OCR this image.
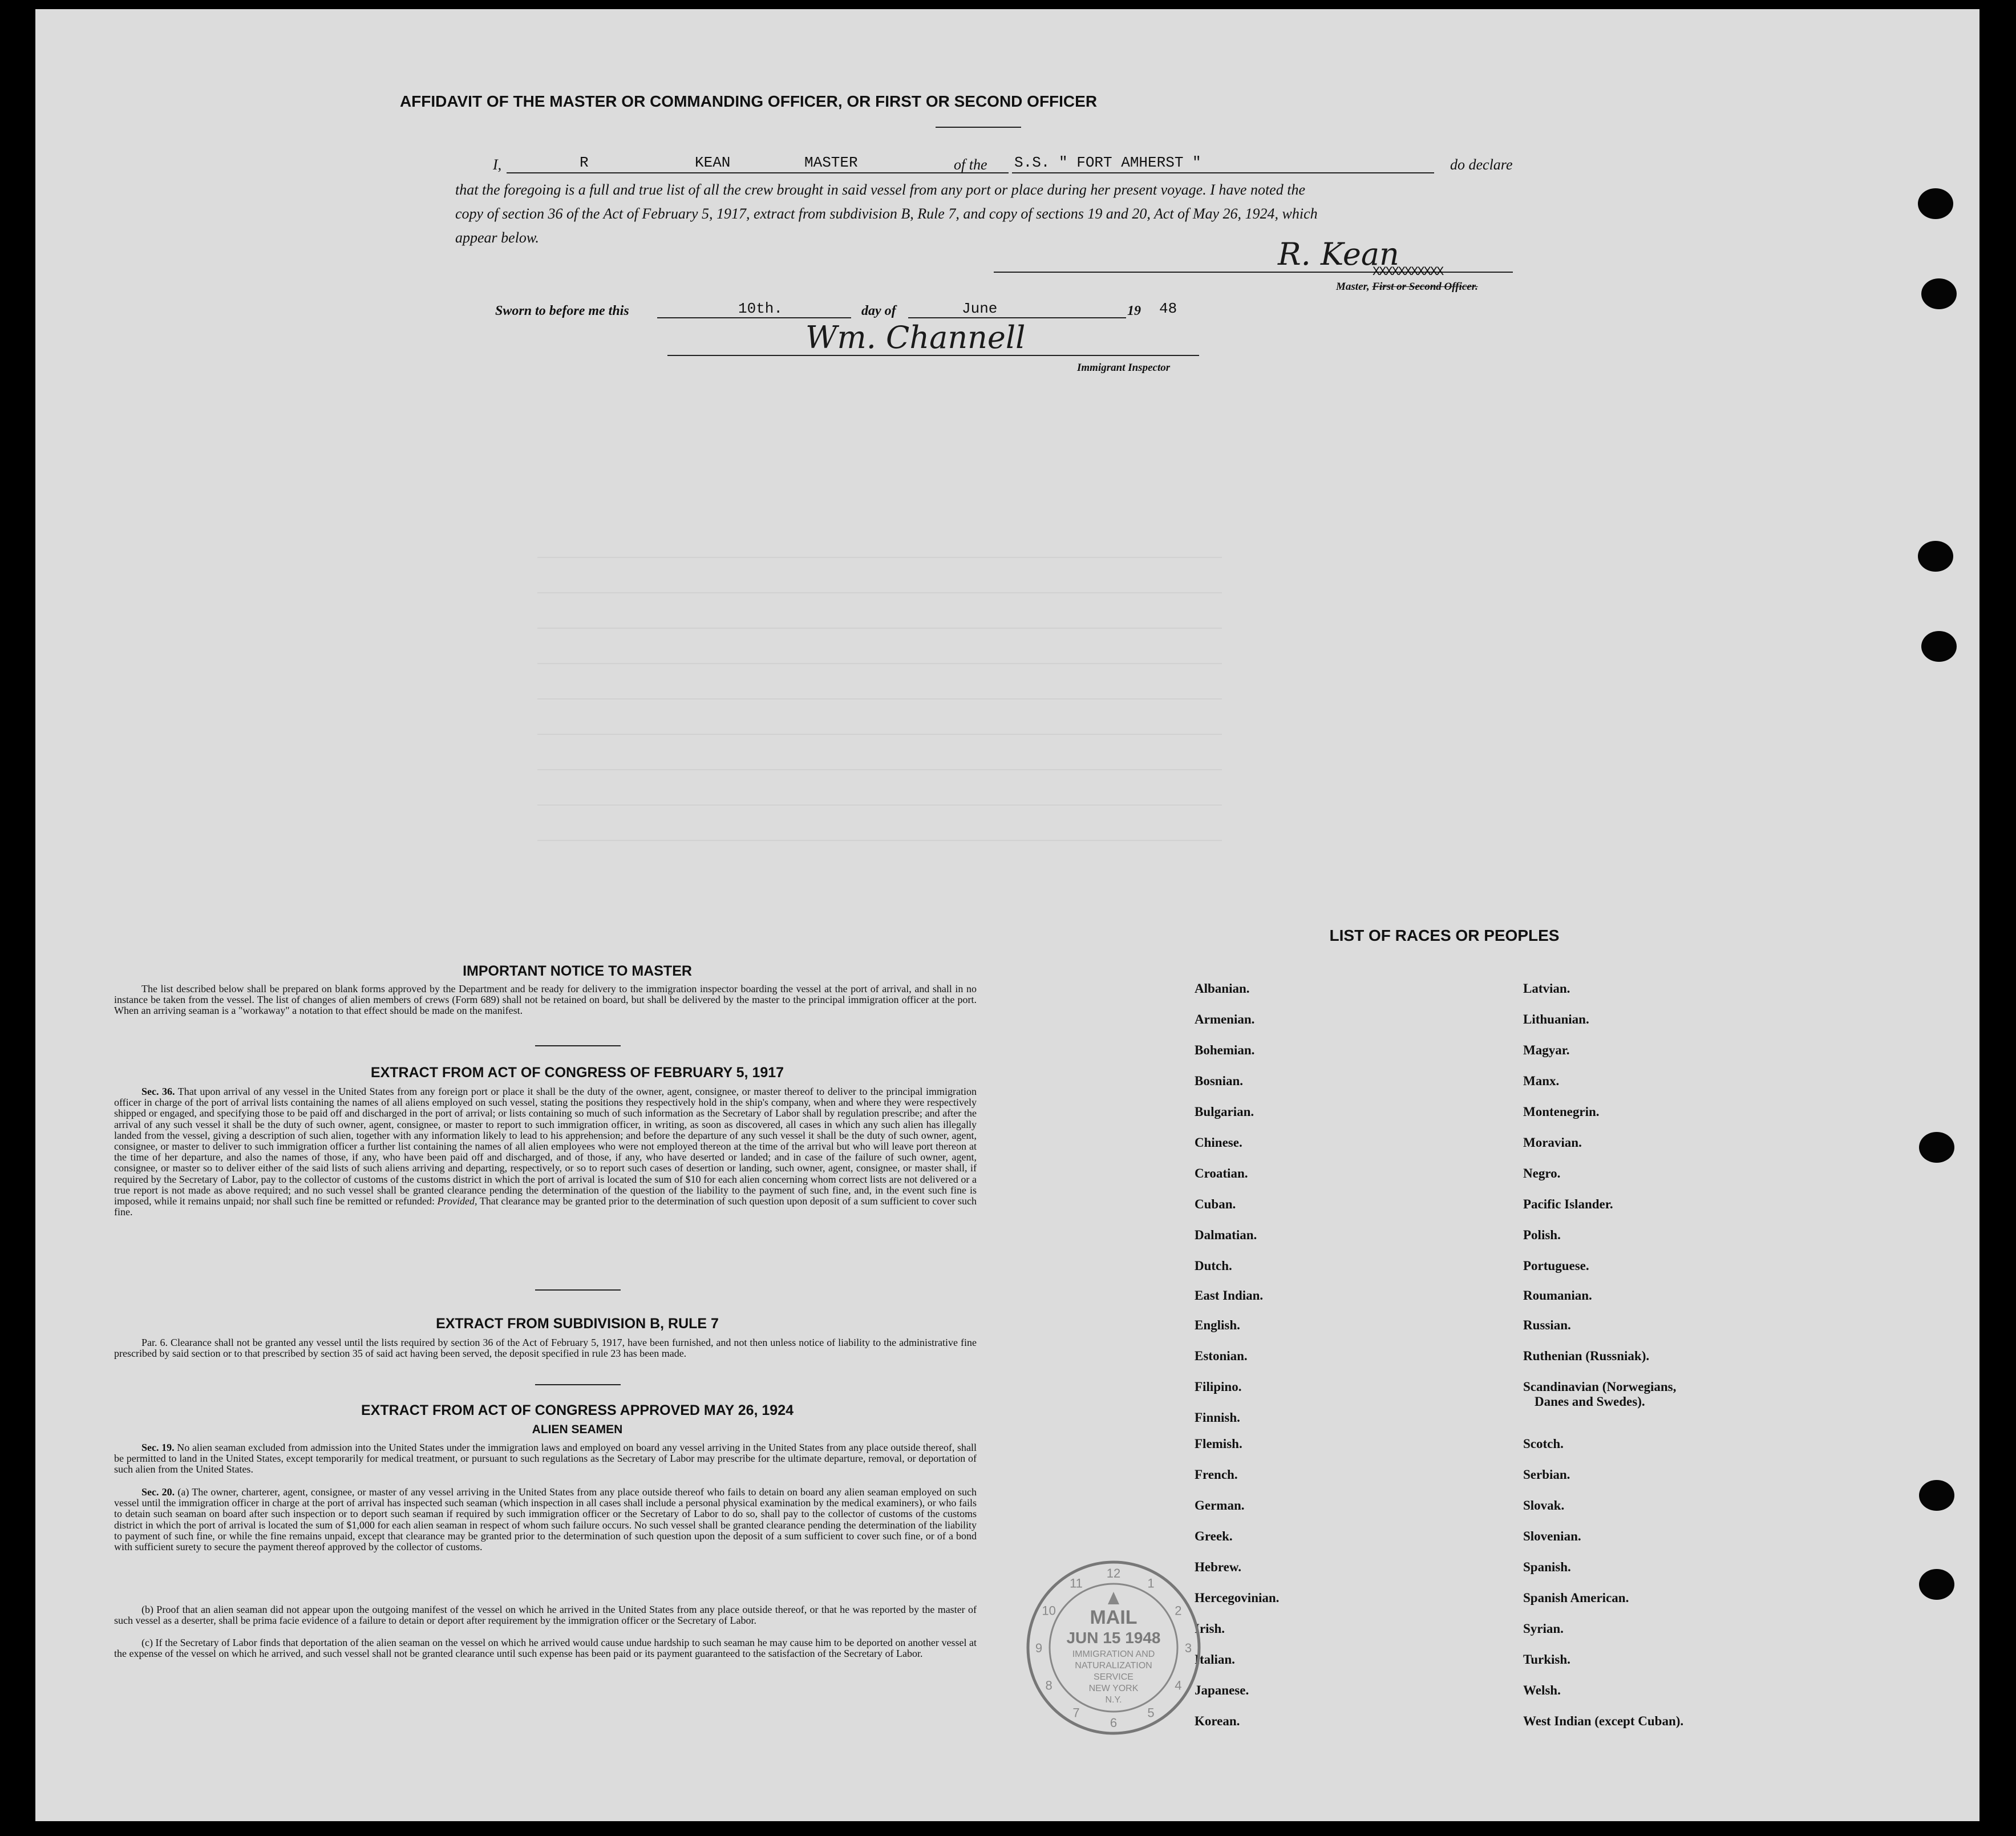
AFFIDAVIT OF THE MASTER OR COMMANDING OFFICER, OR FIRST OR SECOND OFFICER
I,	R	KEAN	MASTER	of the S.S. " FORT AMHERST "	do declare
that the foregoing is a full and true list of all the crew brought in said vessel from any port or place during her present voyage. I have noted the
copy of section 36 of the Act of February 5, 1917, extract from subdivision B, Rule 7, and copy of sections 19 and 20, Act of May 26, 1924, which
appear below.	R. Kean
XXXXXXXXXXX
Master, First or Second Officer.
Sworn to before me this	10th.	day of	June	19 48
Wm. Channell
Immigrant Inspector
IMPORTANT NOTICE TO MASTER

The list described below shall be prepared on blank forms approved by the Department and be ready for delivery to the immigration inspector boarding the vessel at the port of arrival, and shall in no instance be taken from the vessel. The list of changes of alien members of crews (Form 689) shall not be retained on board, but shall be delivered by the master to the principal immigration officer at the port. When an arriving seaman is a "workaway" a notation to that effect should be made on the manifest.

EXTRACT FROM ACT OF CONGRESS OF FEBRUARY 5, 1917

Sec. 36. That upon arrival of any vessel in the United States from any foreign port or place it shall be the duty of the owner, agent, consignee, or master thereof to deliver to the principal immigration officer in charge of the port of arrival lists containing the names of all aliens employed on such vessel, stating the positions they respectively hold in the ship's company, when and where they were respectively shipped or engaged, and specifying those to be paid off and discharged in the port of arrival; or lists containing so much of such information as the Secretary of Labor shall by regulation prescribe; and after the arrival of any such vessel it shall be the duty of such owner, agent, consignee, or master to report to such immigration officer, in writing, as soon as discovered, all cases in which any such alien has illegally landed from the vessel, giving a description of such alien, together with any information likely to lead to his apprehension; and before the departure of any such vessel it shall be the duty of such owner, agent, consignee, or master to deliver to such immigration officer a further list containing the names of all alien employees who were not employed thereon at the time of the arrival but who will leave port thereon at the time of her departure, and also the names of those, if any, who have been paid off and discharged, and of those, if any, who have deserted or landed; and in case of the failure of such owner, agent, consignee, or master so to deliver either of the said lists of such aliens arriving and departing, respectively, or so to report such cases of desertion or landing, such owner, agent, consignee, or master shall, if required by the Secretary of Labor, pay to the collector of customs of the customs district in which the port of arrival is located the sum of $10 for each alien concerning whom correct lists are not delivered or a true report is not made as above required; and no such vessel shall be granted clearance pending the determination of the question of the liability to the payment of such fine, and, in the event such fine is imposed, while it remains unpaid; nor shall such fine be remitted or refunded: Provided, That clearance may be granted prior to the determination of such question upon deposit of a sum sufficient to cover such fine.

EXTRACT FROM SUBDIVISION B, RULE 7

Par. 6. Clearance shall not be granted any vessel until the lists required by section 36 of the Act of February 5, 1917, have been furnished, and not then unless notice of liability to the administrative fine prescribed by said section or to that prescribed by section 35 of said act having been served, the deposit specified in rule 23 has been made.

EXTRACT FROM ACT OF CONGRESS APPROVED MAY 26, 1924
ALIEN SEAMEN

Sec. 19. No alien seaman excluded from admission into the United States under the immigration laws and employed on board any vessel arriving in the United States from any place outside thereof, shall be permitted to land in the United States, except temporarily for medical treatment, or pursuant to such regulations as the Secretary of Labor may prescribe for the ultimate departure, removal, or deportation of such alien from the United States.

Sec. 20. (a) The owner, charterer, agent, consignee, or master of any vessel arriving in the United States from any place outside thereof who fails to detain on board any alien seaman employed on such vessel until the immigration officer in charge at the port of arrival has inspected such seaman (which inspection in all cases shall include a personal physical examination by the medical examiners), or who fails to detain such seaman on board after such inspection or to deport such seaman if required by such immigration officer or the Secretary of Labor to do so, shall pay to the collector of customs of the customs district in which the port of arrival is located the sum of $1,000 for each alien seaman in respect of whom such failure occurs. No such vessel shall be granted clearance pending the determination of the liability to payment of such fine, or while the fine remains unpaid, except that clearance may be granted prior to the determination of such question upon the deposit of a sum sufficient to cover such fine, or of a bond with sufficient surety to secure the payment thereof approved by the collector of customs.

(b) Proof that an alien seaman did not appear upon the outgoing manifest of the vessel on which he arrived in the United States from any place outside thereof, or that he was reported by the master of such vessel as a deserter, shall be prima facie evidence of a failure to detain or deport after requirement by the immigration officer or the Secretary of Labor.

(c) If the Secretary of Labor finds that deportation of the alien seaman on the vessel on which he arrived would cause undue hardship to such seaman he may cause him to be deported on another vessel at the expense of the vessel on which he arrived, and such vessel shall not be granted clearance until such expense has been paid or its payment guaranteed to the satisfaction of the Secretary of Labor.

LIST OF RACES OR PEOPLES
Albanian.
Armenian.
Bohemian.
Bosnian.
Bulgarian.
Chinese.
Croatian.
Cuban.
Dalmatian.
Dutch.
East Indian.
English.
Estonian.
Filipino.
Finnish.
Flemish.
French.
German.
Greek.
Hebrew.
Hercegovinian.
Irish.
Italian.
Japanese.
Korean.
Latvian.
Lithuanian.
Magyar.
Manx.
Montenegrin.
Moravian.
Negro.
Pacific Islander.
Polish.
Portuguese.
Roumanian.
Russian.
Ruthenian (Russniak).
Scandinavian (Norwegians,
Danes and Swedes).
Scotch.
Serbian.
Slovak.
Slovenian.
Spanish.
Spanish American.
Syrian.
Turkish.
Welsh.
West Indian (except Cuban).
12
1
2
3
4
5
6
7
8
9
10
11
MAIL
JUN 15 1948
IMMIGRATION AND
NATURALIZATION
SERVICE
NEW YORK
N.Y.
